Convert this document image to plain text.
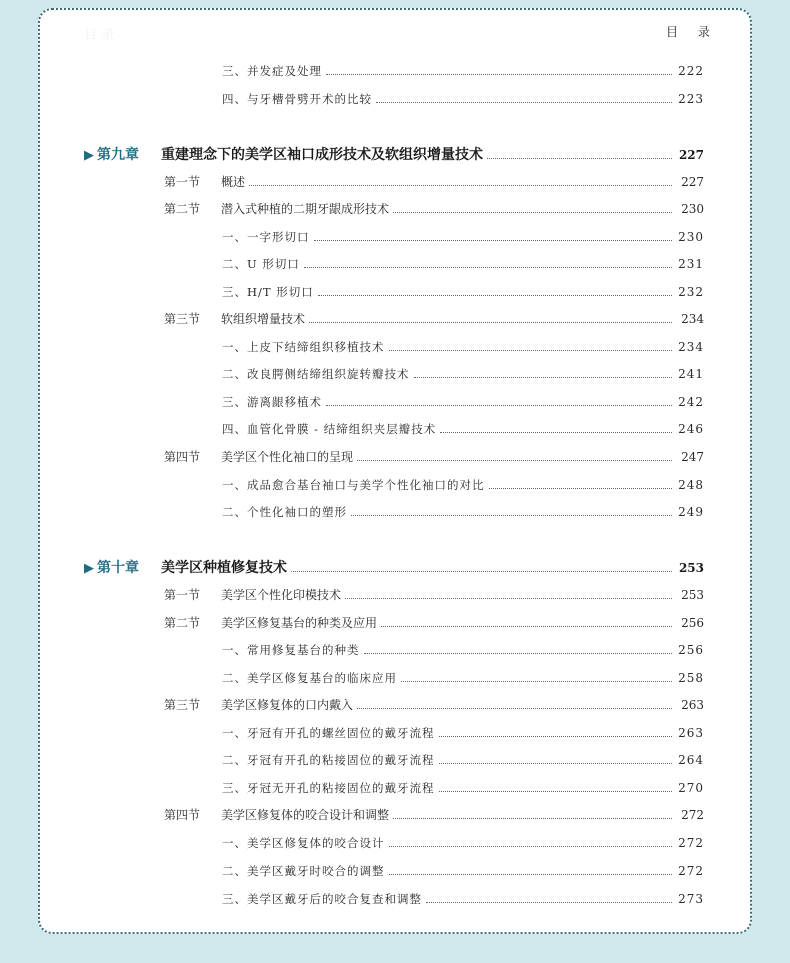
目 录	目 录
三、并发症及处理	222
四、与牙槽骨劈开术的比较	223
▶ 第九章	重建理念下的美学区袖口成形技术及软组织增量技术	227
第一节	概述	227
第二节	潜入式种植的二期牙龈成形技术	230
一、一字形切口	230
二、U 形切口	231
三、H/T 形切口	232
第三节	软组织增量技术	234
一、上皮下结缔组织移植技术	234
二、改良腭侧结缔组织旋转瓣技术	241
三、游离龈移植术	242
四、血管化骨膜 - 结缔组织夹层瓣技术	246
第四节	美学区个性化袖口的呈现	247
一、成品愈合基台袖口与美学个性化袖口的对比	248
二、个性化袖口的塑形	249
▶ 第十章	美学区种植修复技术	253
第一节	美学区个性化印模技术	253
第二节	美学区修复基台的种类及应用	256
一、常用修复基台的种类	256
二、美学区修复基台的临床应用	258
第三节	美学区修复体的口内戴入	263
一、牙冠有开孔的螺丝固位的戴牙流程	263
二、牙冠有开孔的粘接固位的戴牙流程	264
三、牙冠无开孔的粘接固位的戴牙流程	270
第四节	美学区修复体的咬合设计和调整	272
一、美学区修复体的咬合设计	272
二、美学区戴牙时咬合的调整	272
三、美学区戴牙后的咬合复查和调整	273
